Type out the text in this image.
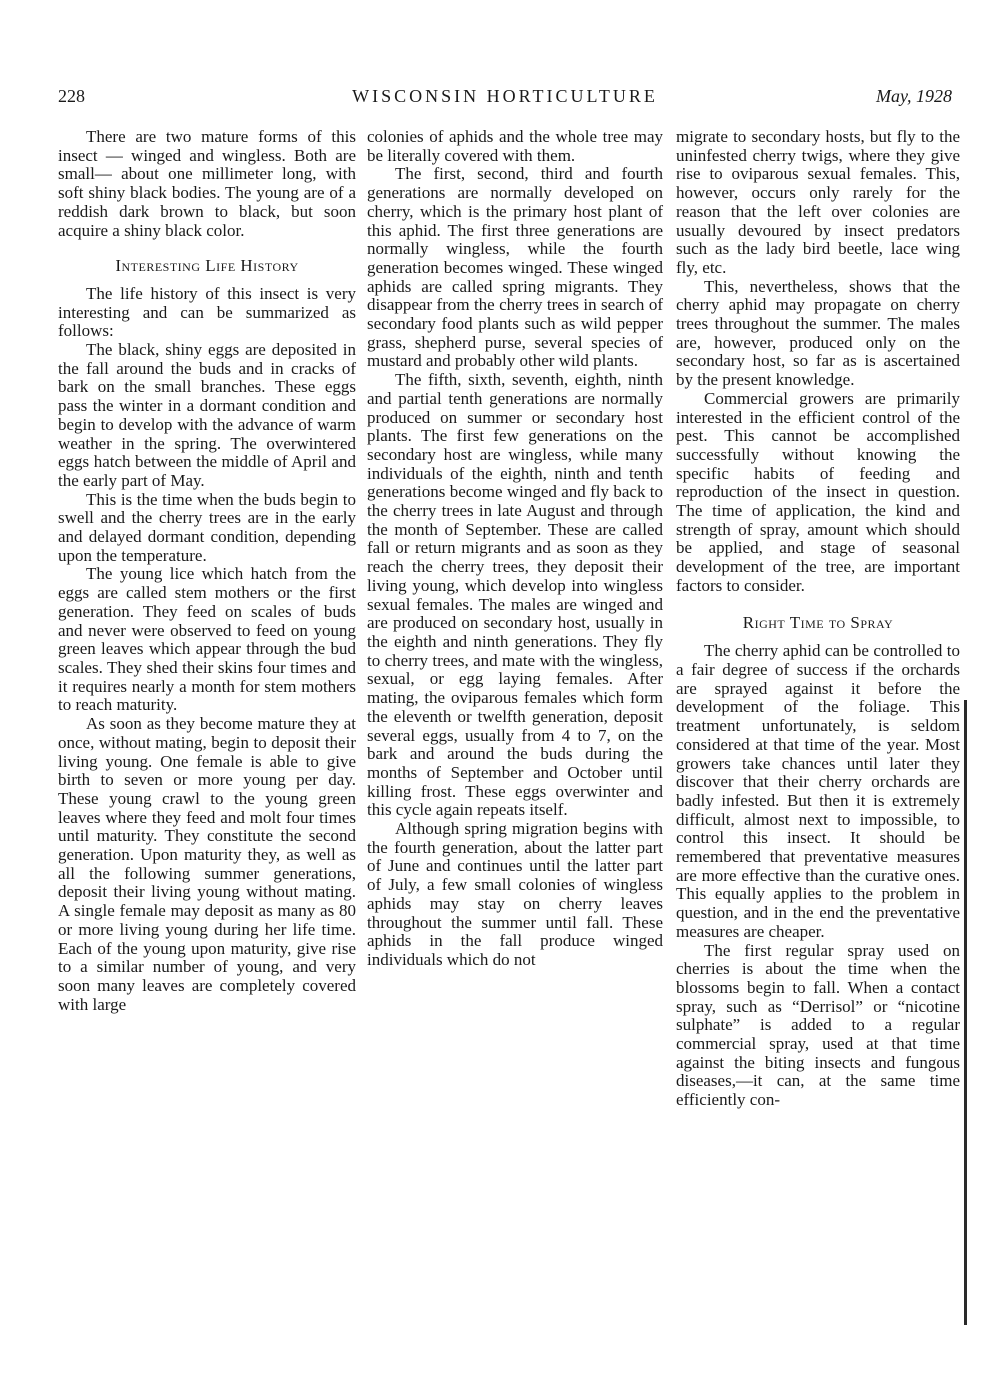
228	WISCONSIN HORTICULTURE	May, 1928

There are two mature forms of this insect — winged and wingless. Both are small— about one millimeter long, with soft shiny black bodies. The young are of a reddish dark brown to black, but soon acquire a shiny black color.

Interesting Life History

The life history of this insect is very interesting and can be summarized as follows:

The black, shiny eggs are deposited in the fall around the buds and in cracks of bark on the small branches. These eggs pass the winter in a dormant condition and begin to develop with the advance of warm weather in the spring. The overwintered eggs hatch between the middle of April and the early part of May.

This is the time when the buds begin to swell and the cherry trees are in the early and delayed dormant condition, depending upon the temperature.

The young lice which hatch from the eggs are called stem mothers or the first generation. They feed on scales of buds and never were observed to feed on young green leaves which appear through the bud scales. They shed their skins four times and it requires nearly a month for stem mothers to reach maturity.

As soon as they become mature they at once, without mating, begin to deposit their living young. One female is able to give birth to seven or more young per day. These young crawl to the young green leaves where they feed and molt four times until maturity. They constitute the second generation. Upon maturity they, as well as all the following summer generations, deposit their living young without mating. A single female may deposit as many as 80 or more living young during her life time. Each of the young upon maturity, give rise to a similar number of young, and very soon many leaves are completely covered with large

colonies of aphids and the whole tree may be literally covered with them.

The first, second, third and fourth generations are normally developed on cherry, which is the primary host plant of this aphid. The first three generations are normally wingless, while the fourth generation becomes winged. These winged aphids are called spring migrants. They disappear from the cherry trees in search of secondary food plants such as wild pepper grass, shepherd purse, several species of mustard and probably other wild plants.

The fifth, sixth, seventh, eighth, ninth and partial tenth generations are normally produced on summer or secondary host plants. The first few generations on the secondary host are wingless, while many individuals of the eighth, ninth and tenth generations become winged and fly back to the cherry trees in late August and through the month of September. These are called fall or return migrants and as soon as they reach the cherry trees, they deposit their living young, which develop into wingless sexual females. The males are winged and are produced on secondary host, usually in the eighth and ninth generations. They fly to cherry trees, and mate with the wingless, sexual, or egg laying females. After mating, the oviparous females which form the eleventh or twelfth generation, deposit several eggs, usually from 4 to 7, on the bark and around the buds during the months of September and October until killing frost. These eggs overwinter and this cycle again repeats itself.

Although spring migration begins with the fourth generation, about the latter part of June and continues until the latter part of July, a few small colonies of wingless aphids may stay on cherry leaves throughout the summer until fall. These aphids in the fall produce winged individuals which do not

migrate to secondary hosts, but fly to the uninfested cherry twigs, where they give rise to oviparous sexual females. This, however, occurs only rarely for the reason that the left over colonies are usually devoured by insect predators such as the lady bird beetle, lace wing fly, etc.

This, nevertheless, shows that the cherry aphid may propagate on cherry trees throughout the summer. The males are, however, produced only on the secondary host, so far as is ascertained by the present knowledge.

Commercial growers are primarily interested in the efficient control of the pest. This cannot be accomplished successfully without knowing the specific habits of feeding and reproduction of the insect in question. The time of application, the kind and strength of spray, amount which should be applied, and stage of seasonal development of the tree, are important factors to consider.

Right Time to Spray

The cherry aphid can be controlled to a fair degree of success if the orchards are sprayed against it before the development of the foliage. This treatment unfortunately, is seldom considered at that time of the year. Most growers take chances until later they discover that their cherry orchards are badly infested. But then it is extremely difficult, almost next to impossible, to control this insect. It should be remembered that preventative measures are more effective than the curative ones. This equally applies to the problem in question, and in the end the preventative measures are cheaper.

The first regular spray used on cherries is about the time when the blossoms begin to fall. When a contact spray, such as “Derrisol” or “nicotine sulphate” is added to a regular commercial spray, used at that time against the biting insects and fungous diseases,—it can, at the same time efficiently con-
